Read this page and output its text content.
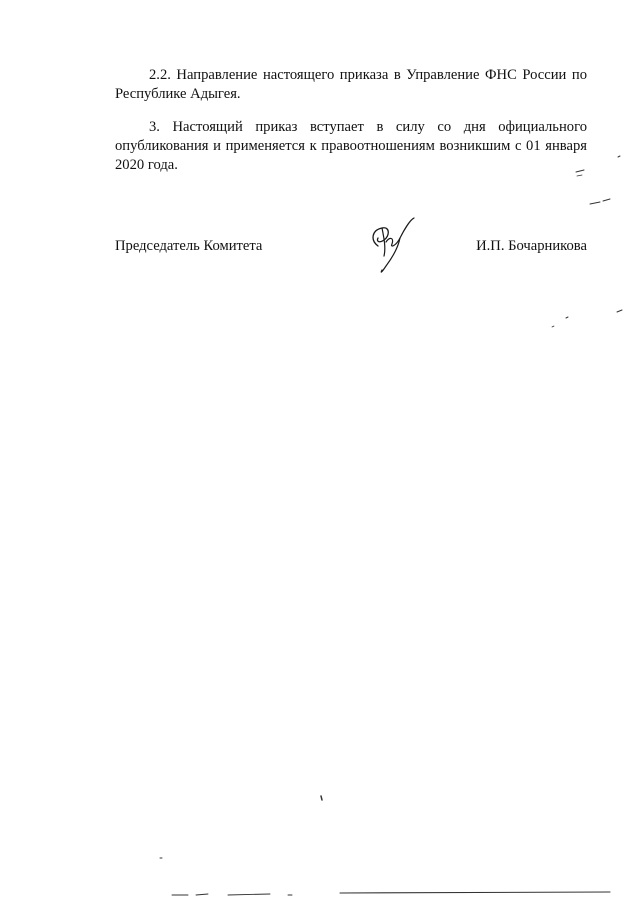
2.2. Направление настоящего приказа в Управление ФНС России по Республике Адыгея.

3. Настоящий приказ вступает в силу со дня официального опубликования и применяется к правоотношениям возникшим с 01 января 2020 года.

Председатель Комитета	И.П. Бочарникова
